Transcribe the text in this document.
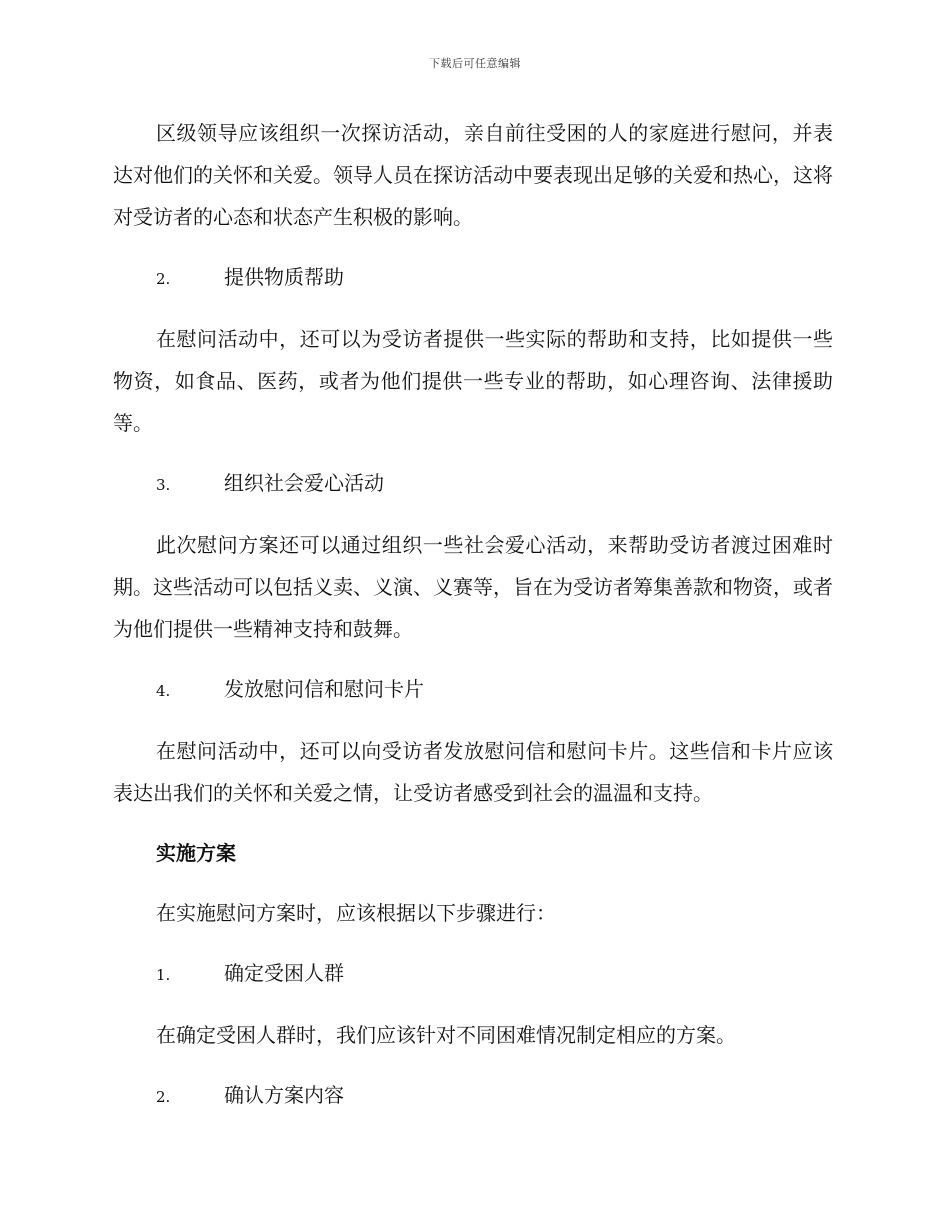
下载后可任意编辑

区级领导应该组织一次探访活动，亲自前往受困的人的家庭进行慰问，并表达对他们的关怀和关爱。领导人员在探访活动中要表现出足够的关爱和热心，这将对受访者的心态和状态产生积极的影响。

2.	提供物质帮助

在慰问活动中，还可以为受访者提供一些实际的帮助和支持，比如提供一些物资，如食品、医药，或者为他们提供一些专业的帮助，如心理咨询、法律援助等。

3.	组织社会爱心活动

此次慰问方案还可以通过组织一些社会爱心活动，来帮助受访者渡过困难时期。这些活动可以包括义卖、义演、义赛等，旨在为受访者筹集善款和物资，或者为他们提供一些精神支持和鼓舞。

4.	发放慰问信和慰问卡片

在慰问活动中，还可以向受访者发放慰问信和慰问卡片。这些信和卡片应该表达出我们的关怀和关爱之情，让受访者感受到社会的温温和支持。

实施方案
在实施慰问方案时，应该根据以下步骤进行：
1.	确定受困人群
在确定受困人群时，我们应该针对不同困难情况制定相应的方案。
2.	确认方案内容
